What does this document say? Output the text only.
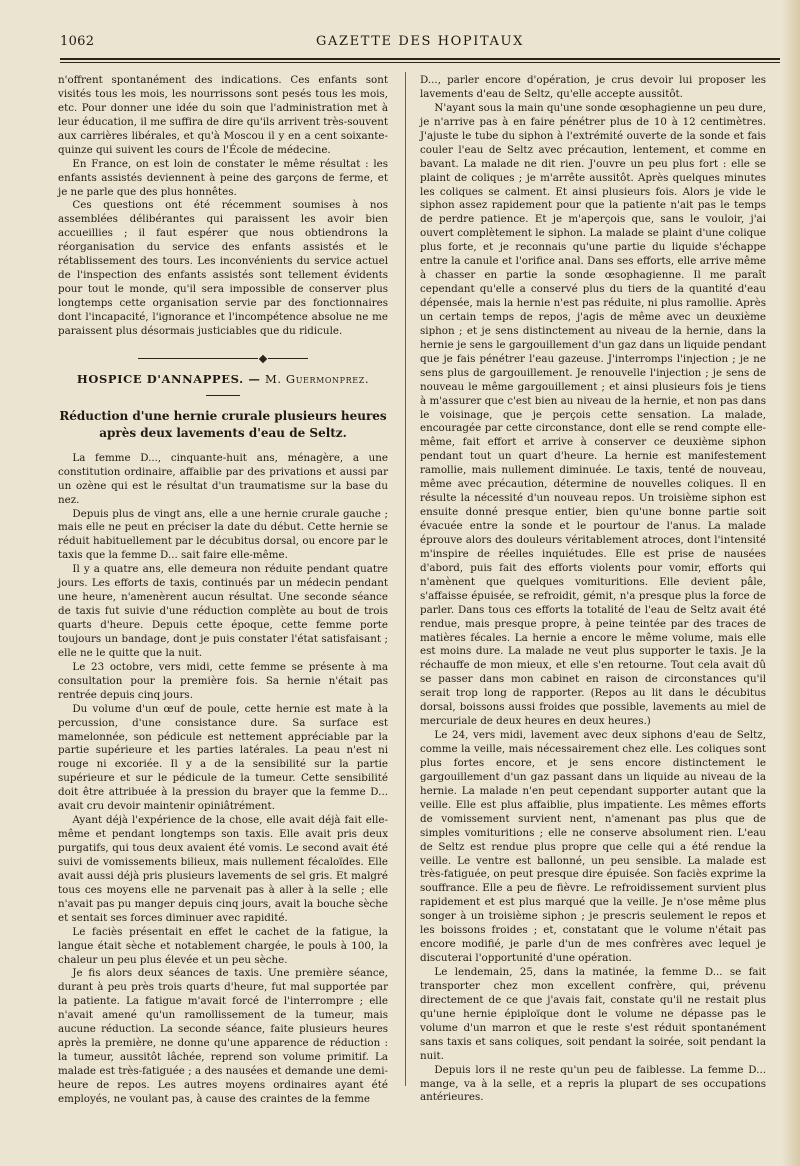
1062	GAZETTE DES HOPITAUX

n'offrent spontanément des indications. Ces enfants sont visités tous les mois, les nourrissons sont pesés tous les mois, etc. Pour donner une idée du soin que l'administration met à leur éducation, il me suffira de dire qu'ils arrivent très-souvent aux carrières libérales, et qu'à Moscou il y en a cent soixante-quinze qui suivent les cours de l'École de médecine.

En France, on est loin de constater le même résultat : les enfants assistés deviennent à peine des garçons de ferme, et je ne parle que des plus honnêtes.

Ces questions ont été récemment soumises à nos assemblées délibérantes qui paraissent les avoir bien accueillies ; il faut espérer que nous obtiendrons la réorganisation du service des enfants assistés et le rétablissement des tours. Les inconvénients du service actuel de l'inspection des enfants assistés sont tellement évidents pour tout le monde, qu'il sera impossible de conserver plus longtemps cette organisation servie par des fonctionnaires dont l'incapacité, l'ignorance et l'incompétence absolue ne me paraissent plus désormais justiciables que du ridicule.

HOSPICE D'ANNAPPES. — M. Guermonprez.
Réduction d'une hernie crurale plusieurs heures après deux lavements d'eau de Seltz.

La femme D..., cinquante-huit ans, ménagère, a une constitution ordinaire, affaiblie par des privations et aussi par un ozène qui est le résultat d'un traumatisme sur la base du nez.

Depuis plus de vingt ans, elle a une hernie crurale gauche ; mais elle ne peut en préciser la date du début. Cette hernie se réduit habituellement par le décubitus dorsal, ou encore par le taxis que la femme D... sait faire elle-même.

Il y a quatre ans, elle demeura non réduite pendant quatre jours. Les efforts de taxis, continués par un médecin pendant une heure, n'amenèrent aucun résultat. Une seconde séance de taxis fut suivie d'une réduction complète au bout de trois quarts d'heure. Depuis cette époque, cette femme porte toujours un bandage, dont je puis constater l'état satisfaisant ; elle ne le quitte que la nuit.

Le 23 octobre, vers midi, cette femme se présente à ma consultation pour la première fois. Sa hernie n'était pas rentrée depuis cinq jours.

Du volume d'un œuf de poule, cette hernie est mate à la percussion, d'une consistance dure. Sa surface est mamelonnée, son pédicule est nettement appréciable par la partie supérieure et les parties latérales. La peau n'est ni rouge ni excoriée. Il y a de la sensibilité sur la partie supérieure et sur le pédicule de la tumeur. Cette sensibilité doit être attribuée à la pression du brayer que la femme D... avait cru devoir maintenir opiniâtrément.

Ayant déjà l'expérience de la chose, elle avait déjà fait elle-même et pendant longtemps son taxis. Elle avait pris deux purgatifs, qui tous deux avaient été vomis. Le second avait été suivi de vomissements bilieux, mais nullement fécaloïdes. Elle avait aussi déjà pris plusieurs lavements de sel gris. Et malgré tous ces moyens elle ne parvenait pas à aller à la selle ; elle n'avait pas pu manger depuis cinq jours, avait la bouche sèche et sentait ses forces diminuer avec rapidité.

Le faciès présentait en effet le cachet de la fatigue, la langue était sèche et notablement chargée, le pouls à 100, la chaleur un peu plus élevée et un peu sèche.

Je fis alors deux séances de taxis. Une première séance, durant à peu près trois quarts d'heure, fut mal supportée par la patiente. La fatigue m'avait forcé de l'interrompre ; elle n'avait amené qu'un ramollissement de la tumeur, mais aucune réduction. La seconde séance, faite plusieurs heures après la première, ne donne qu'une apparence de réduction : la tumeur, aussitôt lâchée, reprend son volume primitif. La malade est très-fatiguée ; a des nausées et demande une demi-heure de repos. Les autres moyens ordinaires ayant été employés, ne voulant pas, à cause des craintes de la femme

D..., parler encore d'opération, je crus devoir lui proposer les lavements d'eau de Seltz, qu'elle accepte aussitôt.

N'ayant sous la main qu'une sonde œsophagienne un peu dure, je n'arrive pas à en faire pénétrer plus de 10 à 12 centimètres. J'ajuste le tube du siphon à l'extrémité ouverte de la sonde et fais couler l'eau de Seltz avec précaution, lentement, et comme en bavant. La malade ne dit rien. J'ouvre un peu plus fort : elle se plaint de coliques ; je m'arrête aussitôt. Après quelques minutes les coliques se calment. Et ainsi plusieurs fois. Alors je vide le siphon assez rapidement pour que la patiente n'ait pas le temps de perdre patience. Et je m'aperçois que, sans le vouloir, j'ai ouvert complètement le siphon. La malade se plaint d'une colique plus forte, et je reconnais qu'une partie du liquide s'échappe entre la canule et l'orifice anal. Dans ses efforts, elle arrive même à chasser en partie la sonde œsophagienne. Il me paraît cependant qu'elle a conservé plus du tiers de la quantité d'eau dépensée, mais la hernie n'est pas réduite, ni plus ramollie. Après un certain temps de repos, j'agis de même avec un deuxième siphon ; et je sens distinctement au niveau de la hernie, dans la hernie je sens le gargouillement d'un gaz dans un liquide pendant que je fais pénétrer l'eau gazeuse. J'interromps l'injection ; je ne sens plus de gargouillement. Je renouvelle l'injection ; je sens de nouveau le même gargouillement ; et ainsi plusieurs fois je tiens à m'assurer que c'est bien au niveau de la hernie, et non pas dans le voisinage, que je perçois cette sensation. La malade, encouragée par cette circonstance, dont elle se rend compte elle-même, fait effort et arrive à conserver ce deuxième siphon pendant tout un quart d'heure. La hernie est manifestement ramollie, mais nullement diminuée. Le taxis, tenté de nouveau, même avec précaution, détermine de nouvelles coliques. Il en résulte la nécessité d'un nouveau repos. Un troisième siphon est ensuite donné presque entier, bien qu'une bonne partie soit évacuée entre la sonde et le pourtour de l'anus. La malade éprouve alors des douleurs véritablement atroces, dont l'intensité m'inspire de réelles inquiétudes. Elle est prise de nausées d'abord, puis fait des efforts violents pour vomir, efforts qui n'amènent que quelques vomituritions. Elle devient pâle, s'affaisse épuisée, se refroidit, gémit, n'a presque plus la force de parler. Dans tous ces efforts la totalité de l'eau de Seltz avait été rendue, mais presque propre, à peine teintée par des traces de matières fécales. La hernie a encore le même volume, mais elle est moins dure. La malade ne veut plus supporter le taxis. Je la réchauffe de mon mieux, et elle s'en retourne. Tout cela avait dû se passer dans mon cabinet en raison de circonstances qu'il serait trop long de rapporter. (Repos au lit dans le décubitus dorsal, boissons aussi froides que possible, lavements au miel de mercuriale de deux heures en deux heures.)

Le 24, vers midi, lavement avec deux siphons d'eau de Seltz, comme la veille, mais nécessairement chez elle. Les coliques sont plus fortes encore, et je sens encore distinctement le gargouillement d'un gaz passant dans un liquide au niveau de la hernie. La malade n'en peut cependant supporter autant que la veille. Elle est plus affaiblie, plus impatiente. Les mêmes efforts de vomissement survient nent, n'amenant pas plus que de simples vomituritions ; elle ne conserve absolument rien. L'eau de Seltz est rendue plus propre que celle qui a été rendue la veille. Le ventre est ballonné, un peu sensible. La malade est très-fatiguée, on peut presque dire épuisée. Son faciès exprime la souffrance. Elle a peu de fièvre. Le refroidissement survient plus rapidement et est plus marqué que la veille. Je n'ose même plus songer à un troisième siphon ; je prescris seulement le repos et les boissons froides ; et, constatant que le volume n'était pas encore modifié, je parle d'un de mes confrères avec lequel je discuterai l'opportunité d'une opération.

Le lendemain, 25, dans la matinée, la femme D... se fait transporter chez mon excellent confrère, qui, prévenu directement de ce que j'avais fait, constate qu'il ne restait plus qu'une hernie épiploïque dont le volume ne dépasse pas le volume d'un marron et que le reste s'est réduit spontanément sans taxis et sans coliques, soit pendant la soirée, soit pendant la nuit.

Depuis lors il ne reste qu'un peu de faiblesse. La femme D... mange, va à la selle, et a repris la plupart de ses occupations antérieures.
